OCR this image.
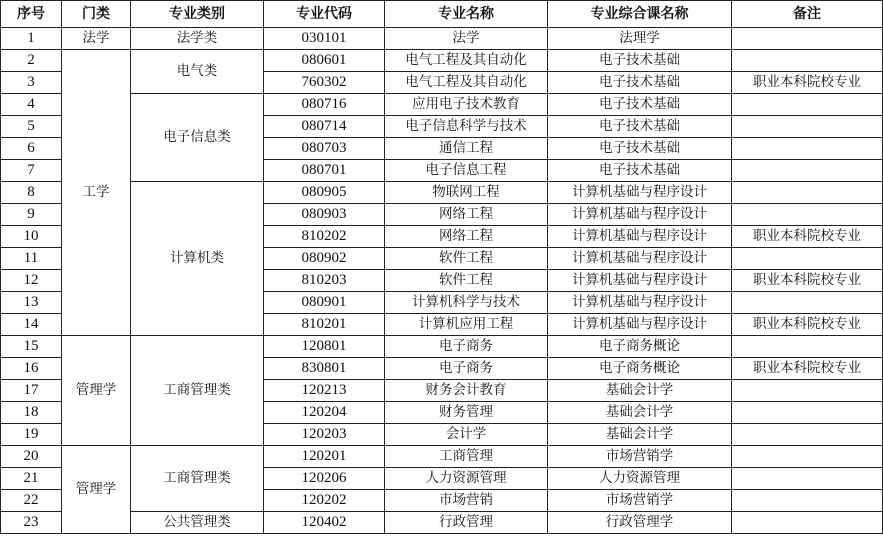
序号	门类	专业类别	专业代码	专业名称	专业综合课名称	备注
1	法学	法学类	030101	法学	法理学	
2	工学	电气类	080601	电气工程及其自动化	电子技术基础	
3			760302	电气工程及其自动化	电子技术基础	职业本科院校专业
4		电子信息类	080716	应用电子技术教育	电子技术基础	
5			080714	电子信息科学与技术	电子技术基础	
6			080703	通信工程	电子技术基础	
7			080701	电子信息工程	电子技术基础	
8		计算机类	080905	物联网工程	计算机基础与程序设计	
9			080903	网络工程	计算机基础与程序设计	
10			810202	网络工程	计算机基础与程序设计	职业本科院校专业
11			080902	软件工程	计算机基础与程序设计	
12			810203	软件工程	计算机基础与程序设计	职业本科院校专业
13			080901	计算机科学与技术	计算机基础与程序设计	
14			810201	计算机应用工程	计算机基础与程序设计	职业本科院校专业
15	管理学	工商管理类	120801	电子商务	电子商务概论	
16			830801	电子商务	电子商务概论	职业本科院校专业
17			120213	财务会计教育	基础会计学	
18			120204	财务管理	基础会计学	
19			120203	会计学	基础会计学	
20	管理学	工商管理类	120201	工商管理	市场营销学	
21			120206	人力资源管理	人力资源管理	
22			120202	市场营销	市场营销学	
23		公共管理类	120402	行政管理	行政管理学	
